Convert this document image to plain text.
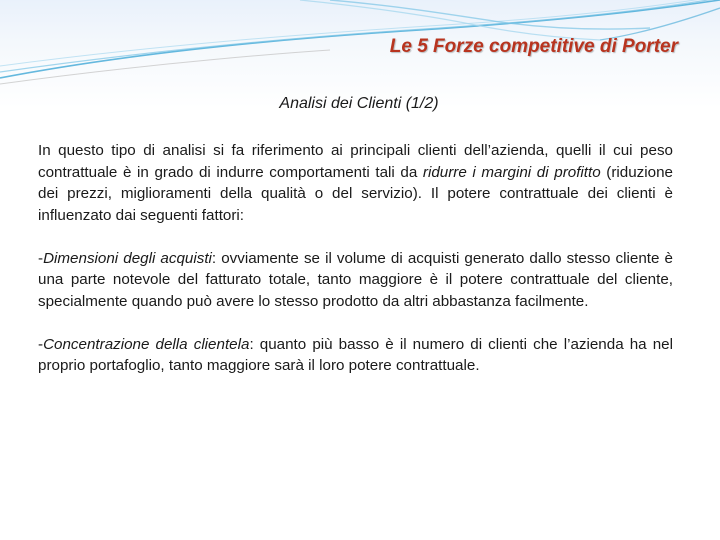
Le 5 Forze competitive di Porter
Analisi dei Clienti (1/2)

In questo tipo di analisi si fa riferimento ai principali clienti dell’azienda, quelli il cui peso contrattuale è in grado di indurre comportamenti tali da ridurre i margini di profitto (riduzione dei prezzi, miglioramenti della qualità o del servizio). Il potere contrattuale dei clienti è influenzato dai seguenti fattori:

-Dimensioni degli acquisti: ovviamente se il volume di acquisti generato dallo stesso cliente è una parte notevole del fatturato totale, tanto maggiore è il potere contrattuale del cliente, specialmente quando può avere lo stesso prodotto da altri abbastanza facilmente.

-Concentrazione della clientela: quanto più basso è il numero di clienti che l’azienda ha nel proprio portafoglio, tanto maggiore sarà il loro potere contrattuale.
